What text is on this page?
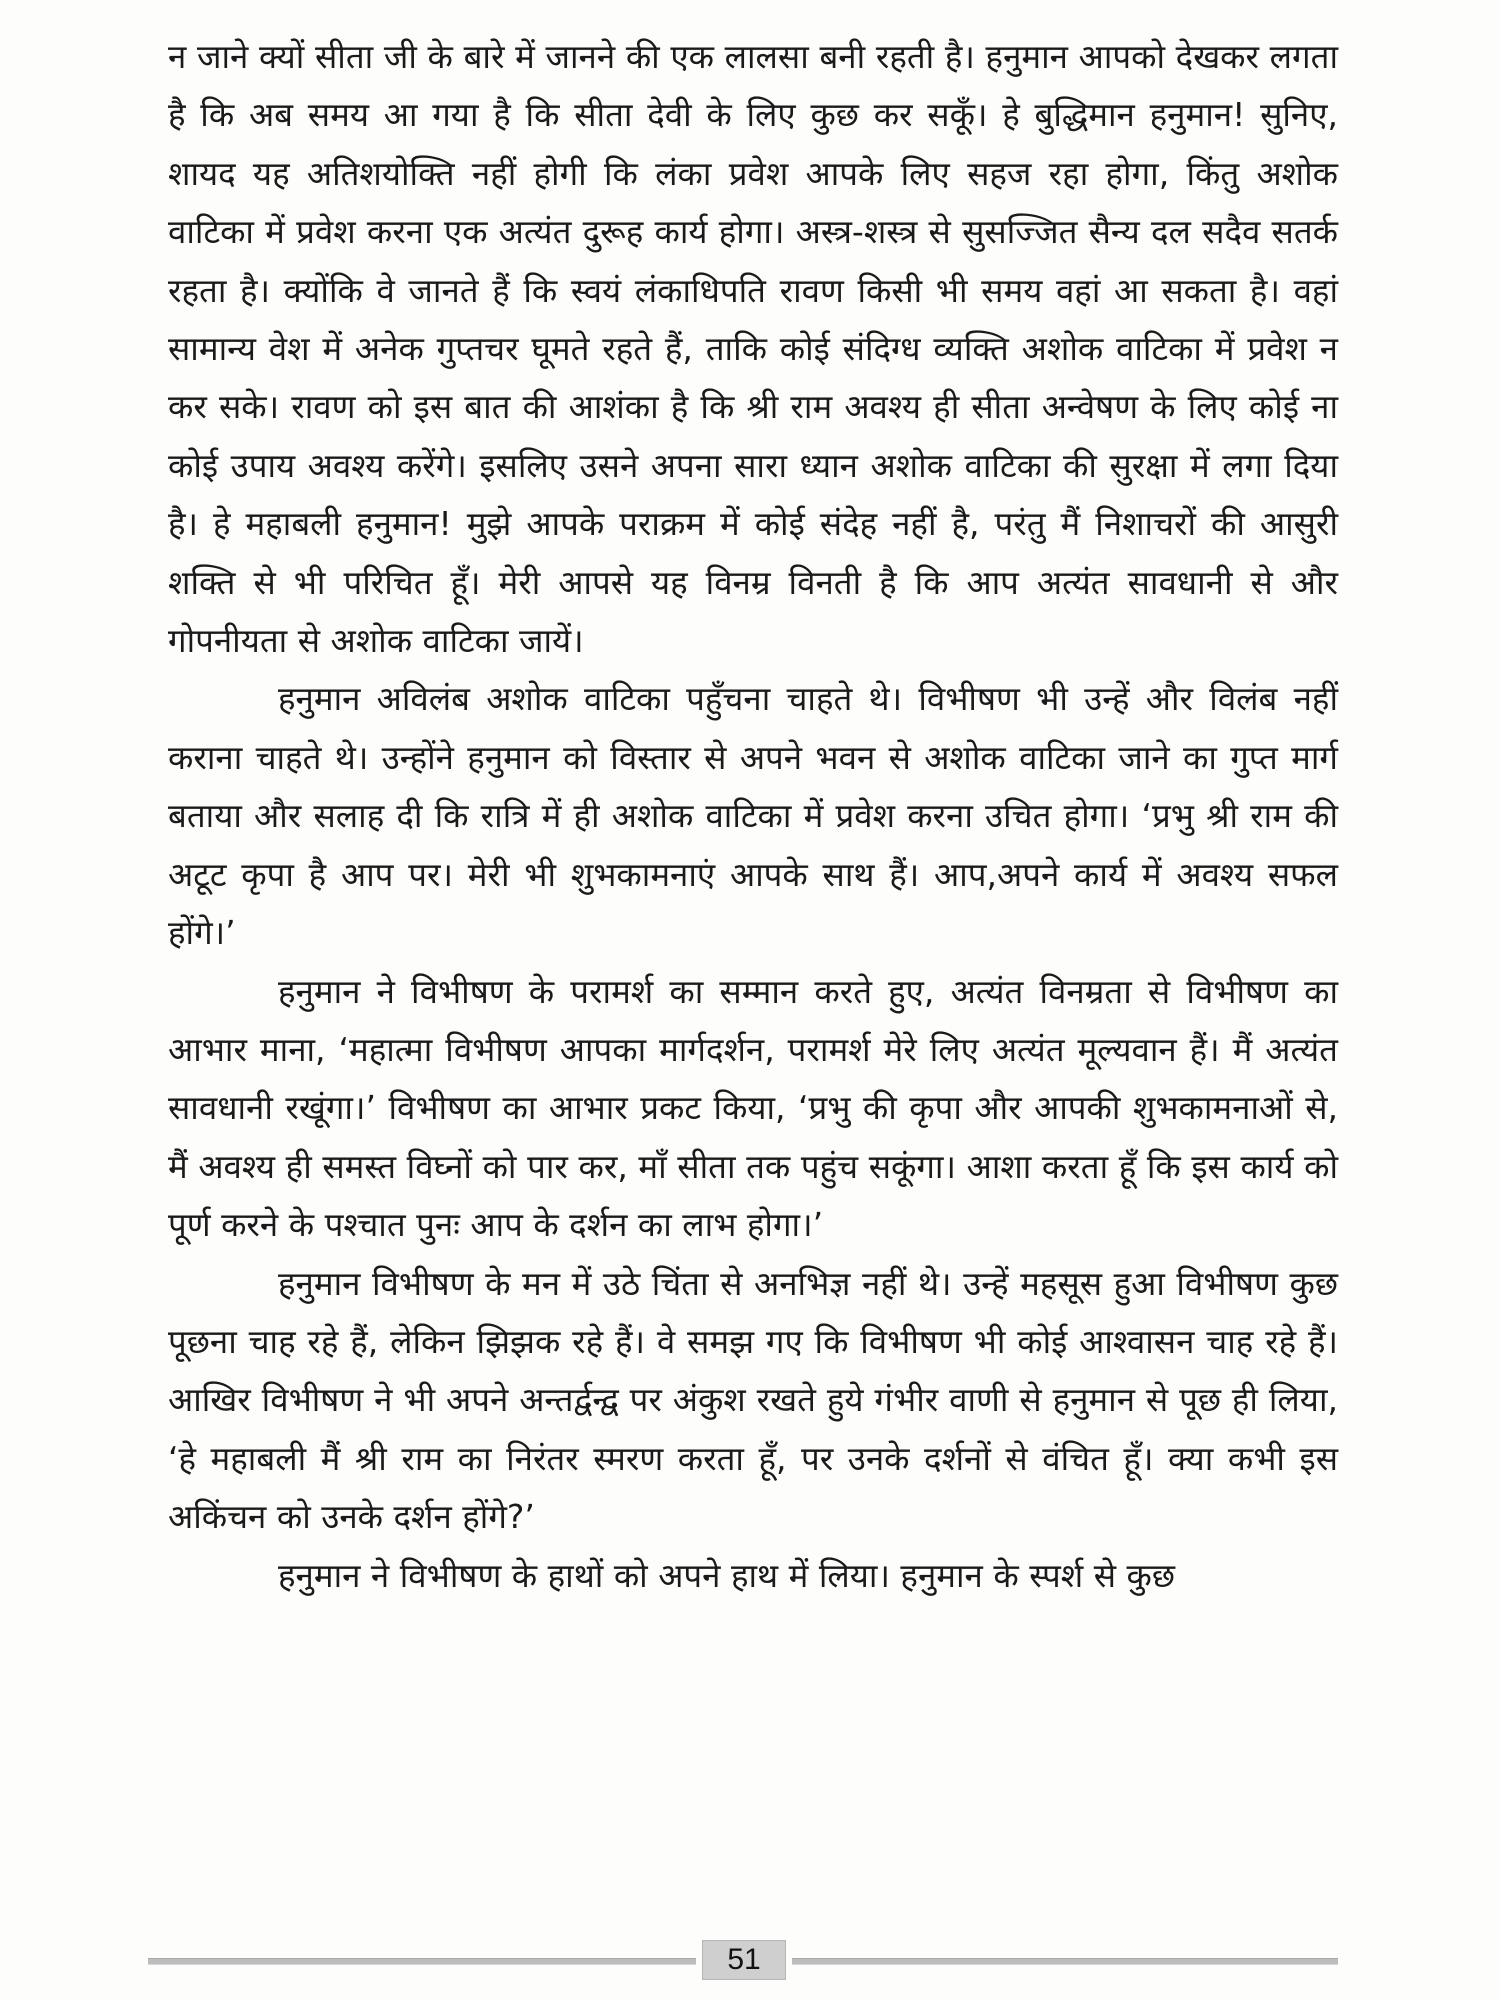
न जाने क्यों सीता जी के बारे में जानने की एक लालसा बनी रहती है। हनुमान आपको देखकर लगता है कि अब समय आ गया है कि सीता देवी के लिए कुछ कर सकूँ। हे बुद्धिमान हनुमान! सुनिए, शायद यह अतिशयोक्ति नहीं होगी कि लंका प्रवेश आपके लिए सहज रहा होगा, किंतु अशोक वाटिका में प्रवेश करना एक अत्यंत दुरूह कार्य होगा। अस्त्र-शस्त्र से सुसज्जित सैन्य दल सदैव सतर्क रहता है। क्योंकि वे जानते हैं कि स्वयं लंकाधिपति रावण किसी भी समय वहां आ सकता है। वहां सामान्य वेश में अनेक गुप्तचर घूमते रहते हैं, ताकि कोई संदिग्ध व्यक्ति अशोक वाटिका में प्रवेश न कर सके। रावण को इस बात की आशंका है कि श्री राम अवश्य ही सीता अन्वेषण के लिए कोई ना कोई उपाय अवश्य करेंगे। इसलिए उसने अपना सारा ध्यान अशोक वाटिका की सुरक्षा में लगा दिया है। हे महाबली हनुमान! मुझे आपके पराक्रम में कोई संदेह नहीं है, परंतु मैं निशाचरों की आसुरी शक्ति से भी परिचित हूँ। मेरी आपसे यह विनम्र विनती है कि आप अत्यंत सावधानी से और गोपनीयता से अशोक वाटिका जायें।

हनुमान अविलंब अशोक वाटिका पहुँचना चाहते थे। विभीषण भी उन्हें और विलंब नहीं कराना चाहते थे। उन्होंने हनुमान को विस्तार से अपने भवन से अशोक वाटिका जाने का गुप्त मार्ग बताया और सलाह दी कि रात्रि में ही अशोक वाटिका में प्रवेश करना उचित होगा। ‘प्रभु श्री राम की अटूट कृपा है आप पर। मेरी भी शुभकामनाएं आपके साथ हैं। आप,अपने कार्य में अवश्य सफल होंगे।’

हनुमान ने विभीषण के परामर्श का सम्मान करते हुए, अत्यंत विनम्रता से विभीषण का आभार माना, ‘महात्मा विभीषण आपका मार्गदर्शन, परामर्श मेरे लिए अत्यंत मूल्यवान हैं। मैं अत्यंत सावधानी रखूंगा।’ विभीषण का आभार प्रकट किया, ‘प्रभु की कृपा और आपकी शुभकामनाओं से, मैं अवश्य ही समस्त विघ्नों को पार कर, माँ सीता तक पहुंच सकूंगा। आशा करता हूँ कि इस कार्य को पूर्ण करने के पश्चात पुनः आप के दर्शन का लाभ होगा।’

हनुमान विभीषण के मन में उठे चिंता से अनभिज्ञ नहीं थे। उन्हें महसूस हुआ विभीषण कुछ पूछना चाह रहे हैं, लेकिन झिझक रहे हैं। वे समझ गए कि विभीषण भी कोई आश्वासन चाह रहे हैं। आखिर विभीषण ने भी अपने अन्तर्द्वन्द्व पर अंकुश रखते हुये गंभीर वाणी से हनुमान से पूछ ही लिया, ‘हे महाबली मैं श्री राम का निरंतर स्मरण करता हूँ, पर उनके दर्शनों से वंचित हूँ। क्या कभी इस अकिंचन को उनके दर्शन होंगे?’

हनुमान ने विभीषण के हाथों को अपने हाथ में लिया। हनुमान के स्पर्श से कुछ

51
